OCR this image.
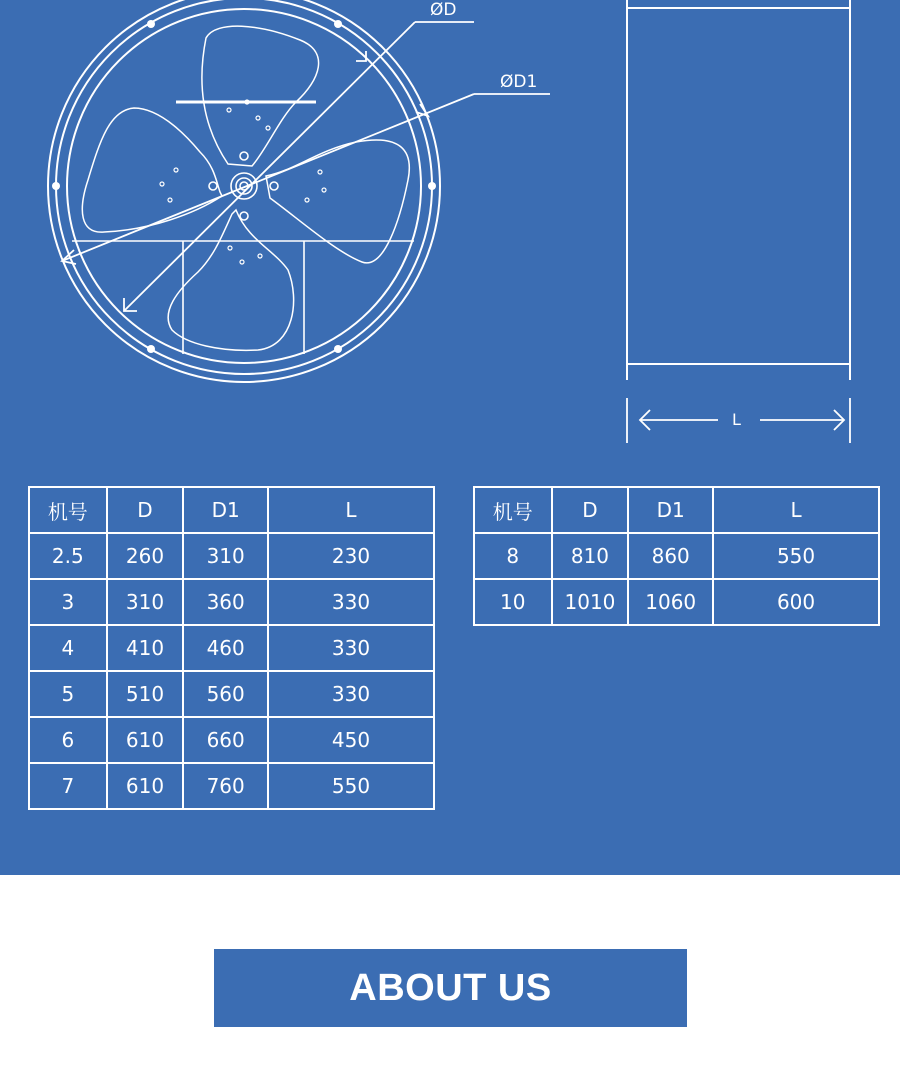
ØD
ØD1
L
机号	D	D1	L
2.5	260	310	230
3	310	360	330
4	410	460	330
5	510	560	330
6	610	660	450
7	610	760	550
机号	D	D1	L
8	810	860	550
10	1010	1060	600
ABOUT US
